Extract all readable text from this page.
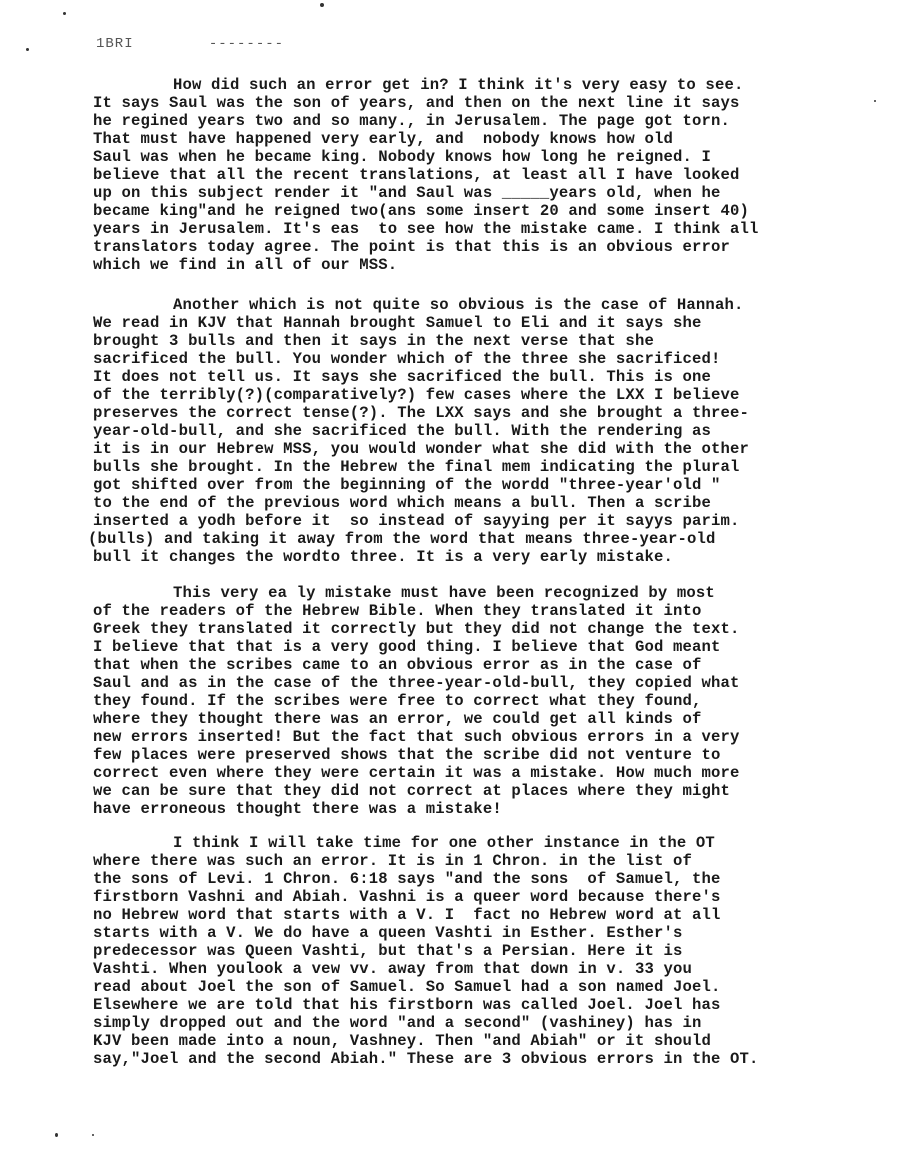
1BRI	--------
How did such an error get in? I think it's very easy to see.
It says Saul was the son of years, and then on the next line it says
he regined years two and so many., in Jerusalem. The page got torn.
That must have happened very early, and  nobody knows how old
Saul was when he became king. Nobody knows how long he reigned. I
believe that all the recent translations, at least all I have looked
up on this subject render it "and Saul was _____years old, when he
became king"and he reigned two(ans some insert 20 and some insert 40)
years in Jerusalem. It's eas  to see how the mistake came. I think all
translators today agree. The point is that this is an obvious error
which we find in all of our MSS.
Another which is not quite so obvious is the case of Hannah.
We read in KJV that Hannah brought Samuel to Eli and it says she
brought 3 bulls and then it says in the next verse that she
sacrificed the bull. You wonder which of the three she sacrificed!
It does not tell us. It says she sacrificed the bull. This is one
of the terribly(?)(comparatively?) few cases where the LXX I believe
preserves the correct tense(?). The LXX says and she brought a three-
year-old-bull, and she sacrificed the bull. With the rendering as
it is in our Hebrew MSS, you would wonder what she did with the other
bulls she brought. In the Hebrew the final mem indicating the plural
got shifted over from the beginning of the wordd "three-year'old "
to the end of the previous word which means a bull. Then a scribe
inserted a yodh before it  so instead of sayying per it sayys parim.
(bulls) and taking it away from the word that means three-year-old
bull it changes the wordto three. It is a very early mistake.
This very ea ly mistake must have been recognized by most
of the readers of the Hebrew Bible. When they translated it into
Greek they translated it correctly but they did not change the text.
I believe that that is a very good thing. I believe that God meant
that when the scribes came to an obvious error as in the case of
Saul and as in the case of the three-year-old-bull, they copied what
they found. If the scribes were free to correct what they found,
where they thought there was an error, we could get all kinds of
new errors inserted! But the fact that such obvious errors in a very
few places were preserved shows that the scribe did not venture to
correct even where they were certain it was a mistake. How much more
we can be sure that they did not correct at places where they might
have erroneous thought there was a mistake!
I think I will take time for one other instance in the OT
where there was such an error. It is in 1 Chron. in the list of
the sons of Levi. 1 Chron. 6:18 says "and the sons  of Samuel, the
firstborn Vashni and Abiah. Vashni is a queer word because there's
no Hebrew word that starts with a V. I  fact no Hebrew word at all
starts with a V. We do have a queen Vashti in Esther. Esther's
predecessor was Queen Vashti, but that's a Persian. Here it is
Vashti. When youlook a vew vv. away from that down in v. 33 you
read about Joel the son of Samuel. So Samuel had a son named Joel.
Elsewhere we are told that his firstborn was called Joel. Joel has
simply dropped out and the word "and a second" (vashiney) has in
KJV been made into a noun, Vashney. Then "and Abiah" or it should
say,"Joel and the second Abiah." These are 3 obvious errors in the OT.
